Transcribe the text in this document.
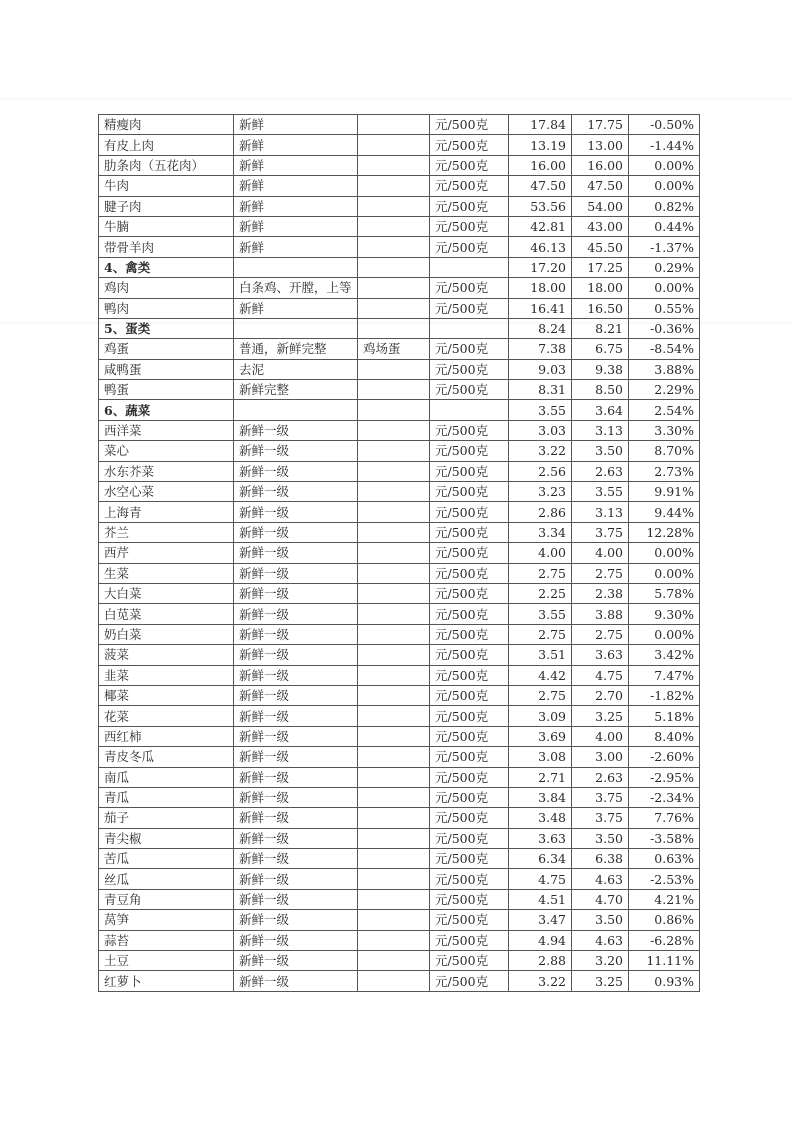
精瘦肉	新鲜		元/500克	17.84	17.75	-0.50%
有皮上肉	新鲜		元/500克	13.19	13.00	-1.44%
肋条肉（五花肉）	新鲜		元/500克	16.00	16.00	0.00%
牛肉	新鲜		元/500克	47.50	47.50	0.00%
腱子肉	新鲜		元/500克	53.56	54.00	0.82%
牛腩	新鲜		元/500克	42.81	43.00	0.44%
带骨羊肉	新鲜		元/500克	46.13	45.50	-1.37%
4、禽类				17.20	17.25	0.29%
鸡肉	白条鸡、开膛，上等		元/500克	18.00	18.00	0.00%
鸭肉	新鲜		元/500克	16.41	16.50	0.55%
5、蛋类				8.24	8.21	-0.36%
鸡蛋	普通，新鲜完整	鸡场蛋	元/500克	7.38	6.75	-8.54%
咸鸭蛋	去泥		元/500克	9.03	9.38	3.88%
鸭蛋	新鲜完整		元/500克	8.31	8.50	2.29%
6、蔬菜				3.55	3.64	2.54%
西洋菜	新鲜一级		元/500克	3.03	3.13	3.30%
菜心	新鲜一级		元/500克	3.22	3.50	8.70%
水东芥菜	新鲜一级		元/500克	2.56	2.63	2.73%
水空心菜	新鲜一级		元/500克	3.23	3.55	9.91%
上海青	新鲜一级		元/500克	2.86	3.13	9.44%
芥兰	新鲜一级		元/500克	3.34	3.75	12.28%
西芹	新鲜一级		元/500克	4.00	4.00	0.00%
生菜	新鲜一级		元/500克	2.75	2.75	0.00%
大白菜	新鲜一级		元/500克	2.25	2.38	5.78%
白苋菜	新鲜一级		元/500克	3.55	3.88	9.30%
奶白菜	新鲜一级		元/500克	2.75	2.75	0.00%
菠菜	新鲜一级		元/500克	3.51	3.63	3.42%
韭菜	新鲜一级		元/500克	4.42	4.75	7.47%
椰菜	新鲜一级		元/500克	2.75	2.70	-1.82%
花菜	新鲜一级		元/500克	3.09	3.25	5.18%
西红柿	新鲜一级		元/500克	3.69	4.00	8.40%
青皮冬瓜	新鲜一级		元/500克	3.08	3.00	-2.60%
南瓜	新鲜一级		元/500克	2.71	2.63	-2.95%
青瓜	新鲜一级		元/500克	3.84	3.75	-2.34%
茄子	新鲜一级		元/500克	3.48	3.75	7.76%
青尖椒	新鲜一级		元/500克	3.63	3.50	-3.58%
苦瓜	新鲜一级		元/500克	6.34	6.38	0.63%
丝瓜	新鲜一级		元/500克	4.75	4.63	-2.53%
青豆角	新鲜一级		元/500克	4.51	4.70	4.21%
莴笋	新鲜一级		元/500克	3.47	3.50	0.86%
蒜苔	新鲜一级		元/500克	4.94	4.63	-6.28%
土豆	新鲜一级		元/500克	2.88	3.20	11.11%
红萝卜	新鲜一级		元/500克	3.22	3.25	0.93%
